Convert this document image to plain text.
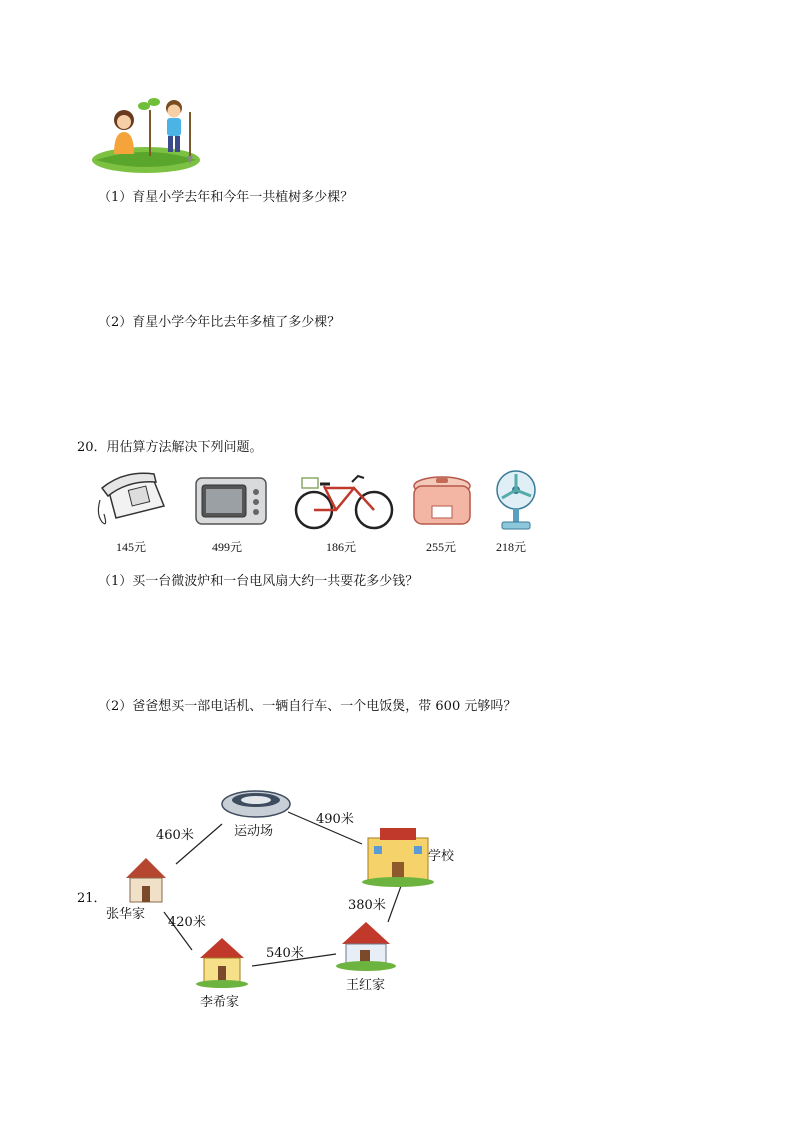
（1）育星小学去年和今年一共植树多少棵？
（2）育星小学今年比去年多植了多少棵？
20．用估算方法解决下列问题。
145元	499元	186元	255元	218元
（1）买一台微波炉和一台电风扇大约一共要花多少钱？
（2）爸爸想买一部电话机、一辆自行车、一个电饭煲，带 600 元够吗？
21．
460米	运动场
490米
学校
张华家
380米
420米
540米
王红家
李希家
